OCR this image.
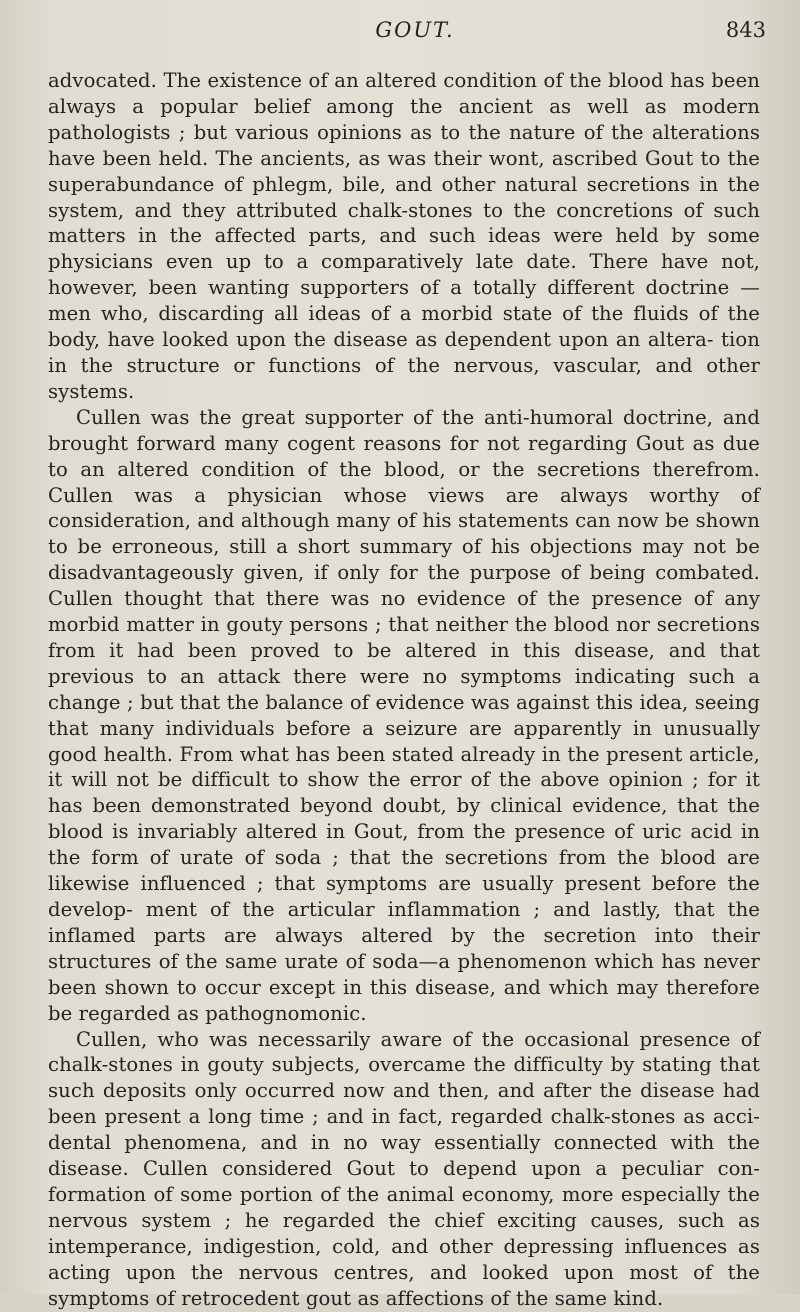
GOUT.	843

advocated. The existence of an altered condition of the blood has been always a popular belief among the ancient as well as modern pathologists ; but various opinions as to the nature of the alterations have been held. The ancients, as was their wont, ascribed Gout to the superabundance of phlegm, bile, and other natural secretions in the system, and they attributed chalk-stones to the concretions of such matters in the affected parts, and such ideas were held by some physicians even up to a comparatively late date. There have not, however, been wanting supporters of a totally different doctrine —men who, discarding all ideas of a morbid state of the fluids of the body, have looked upon the disease as dependent upon an altera- tion in the structure or functions of the nervous, vascular, and other systems.

Cullen was the great supporter of the anti-humoral doctrine, and brought forward many cogent reasons for not regarding Gout as due to an altered condition of the blood, or the secretions therefrom. Cullen was a physician whose views are always worthy of consideration, and although many of his statements can now be shown to be erroneous, still a short summary of his objections may not be disadvantageously given, if only for the purpose of being combated. Cullen thought that there was no evidence of the presence of any morbid matter in gouty persons ; that neither the blood nor secretions from it had been proved to be altered in this disease, and that previous to an attack there were no symptoms indicating such a change ; but that the balance of evidence was against this idea, seeing that many individuals before a seizure are apparently in unusually good health. From what has been stated already in the present article, it will not be difficult to show the error of the above opinion ; for it has been demonstrated beyond doubt, by clinical evidence, that the blood is invariably altered in Gout, from the presence of uric acid in the form of urate of soda ; that the secretions from the blood are likewise influenced ; that symptoms are usually present before the develop- ment of the articular inflammation ; and lastly, that the inflamed parts are always altered by the secretion into their structures of the same urate of soda—a phenomenon which has never been shown to occur except in this disease, and which may therefore be regarded as pathognomonic.

Cullen, who was necessarily aware of the occasional presence of chalk-stones in gouty subjects, overcame the difficulty by stating that such deposits only occurred now and then, and after the disease had been present a long time ; and in fact, regarded chalk-stones as acci- dental phenomena, and in no way essentially connected with the disease. Cullen considered Gout to depend upon a peculiar con- formation of some portion of the animal economy, more especially the nervous system ; he regarded the chief exciting causes, such as intemperance, indigestion, cold, and other depressing influences as acting upon the nervous centres, and looked upon most of the symptoms of retrocedent gout as affections of the same kind.
